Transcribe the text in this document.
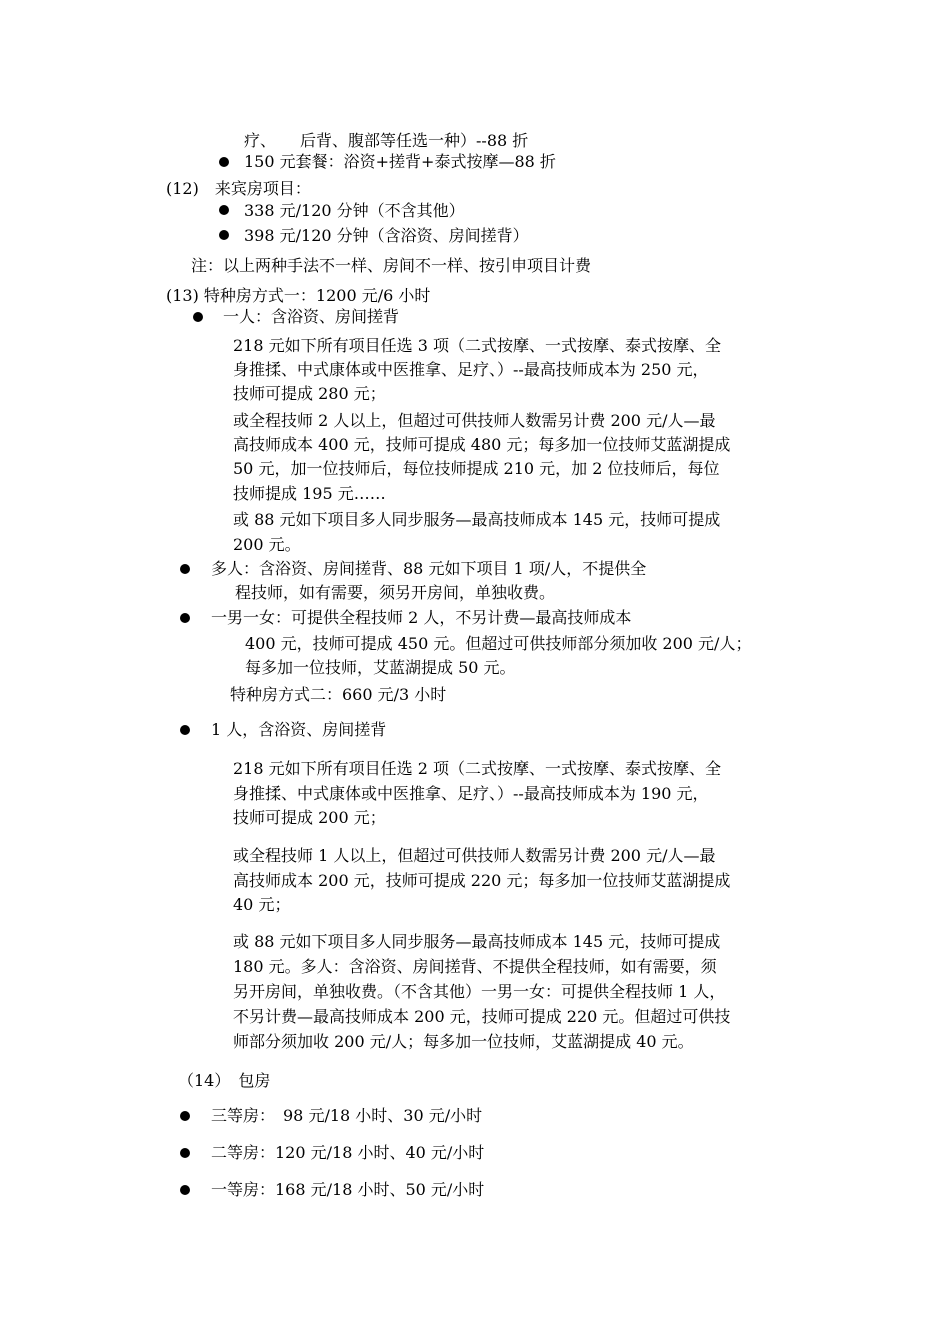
疗、　　后背、腹部等任选一种）--88 折
150 元套餐：浴资+搓背+泰式按摩—88 折
(12)　来宾房项目：
338 元/120 分钟（不含其他）
398 元/120 分钟（含浴资、房间搓背）
注：以上两种手法不一样、房间不一样、按引申项目计费
(13) 特种房方式一：1200 元/6 小时
一人：含浴资、房间搓背
218 元如下所有项目任选 3 项（二式按摩、一式按摩、泰式按摩、全
身推揉、中式康体或中医推拿、足疗、）--最高技师成本为 250 元，
技师可提成 280 元；
或全程技师 2 人以上，但超过可供技师人数需另计费 200 元/人—最
高技师成本 400 元，技师可提成 480 元；每多加一位技师艾蓝湖提成
50 元，加一位技师后，每位技师提成 210 元，加 2 位技师后，每位
技师提成 195 元……
或 88 元如下项目多人同步服务—最高技师成本 145 元，技师可提成
200 元。
多人：含浴资、房间搓背、88 元如下项目 1 项/人，不提供全
程技师，如有需要，须另开房间，单独收费。
一男一女：可提供全程技师 2 人，不另计费—最高技师成本
400 元，技师可提成 450 元。但超过可供技师部分须加收 200 元/人；
每多加一位技师，艾蓝湖提成 50 元。
特种房方式二：660 元/3 小时
1 人，含浴资、房间搓背
218 元如下所有项目任选 2 项（二式按摩、一式按摩、泰式按摩、全
身推揉、中式康体或中医推拿、足疗、）--最高技师成本为 190 元，
技师可提成 200 元；
或全程技师 1 人以上，但超过可供技师人数需另计费 200 元/人—最
高技师成本 200 元，技师可提成 220 元；每多加一位技师艾蓝湖提成
40 元；
或 88 元如下项目多人同步服务—最高技师成本 145 元，技师可提成
180 元。多人：含浴资、房间搓背、不提供全程技师，如有需要，须
另开房间，单独收费。（不含其他）一男一女：可提供全程技师 1 人，
不另计费—最高技师成本 200 元，技师可提成 220 元。但超过可供技
师部分须加收 200 元/人；每多加一位技师，艾蓝湖提成 40 元。
（14）　包房
三等房：　98 元/18 小时、30 元/小时
二等房：120 元/18 小时、40 元/小时
一等房：168 元/18 小时、50 元/小时
